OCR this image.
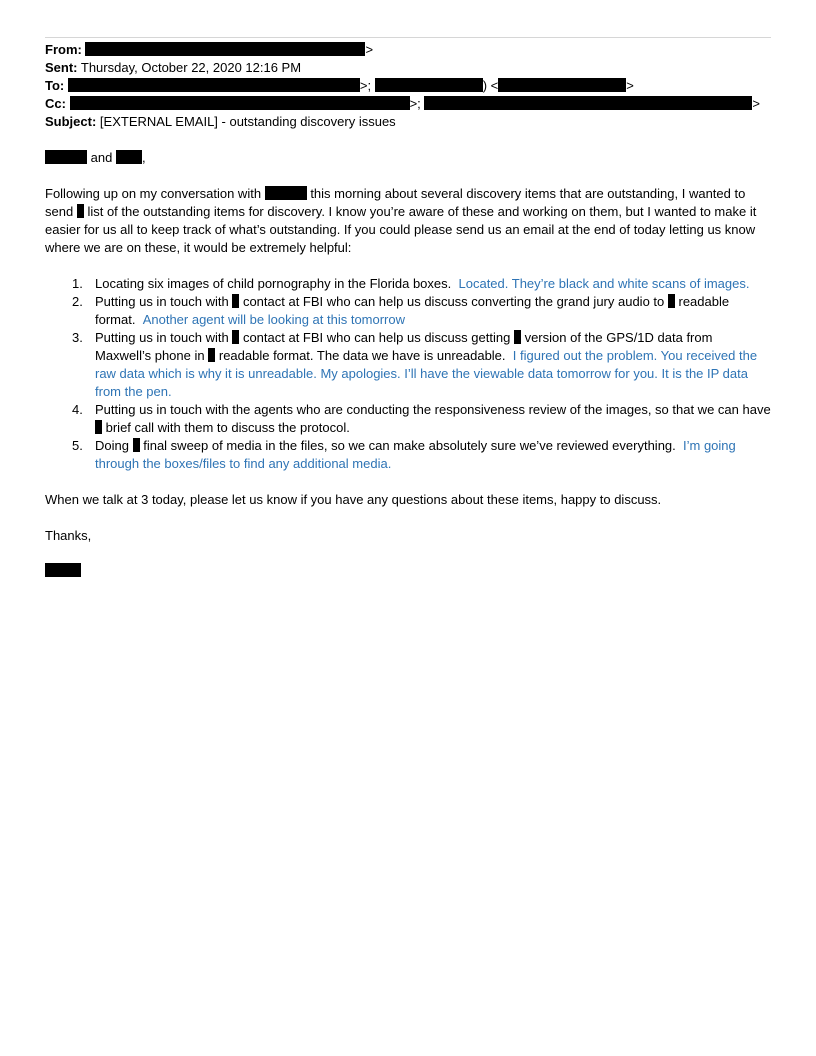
From:	>
Sent: Thursday, October 22, 2020 12:16 PM
To:	>;	) <	>
Cc:	>;	>
Subject: [EXTERNAL EMAIL] - outstanding discovery issues

and ,

Following up on my conversation with	this morning about several discovery items that are outstanding, I wanted to send list of the outstanding items for discovery. I know you’re aware of these and working on them, but I wanted to make it easier for us all to keep track of what’s outstanding. If you could please send us an email at the end of today letting us know where we are on these, it would be extremely helpful:

1. Locating six images of child pornography in the Florida boxes. Located. They’re black and white scans of images.
2. Putting us in touch with contact at FBI who can help us discuss converting the grand jury audio to readable format. Another agent will be looking at this tomorrow
3. Putting us in touch with contact at FBI who can help us discuss getting version of the GPS/1D data from Maxwell’s phone in readable format. The data we have is unreadable. I figured out the problem. You received the raw data which is why it is unreadable. My apologies. I’ll have the viewable data tomorrow for you. It is the IP data from the pen.
4. Putting us in touch with the agents who are conducting the responsiveness review of the images, so that we can have  brief call with them to discuss the protocol.
5. Doing final sweep of media in the files, so we can make absolutely sure we’ve reviewed everything. I’m going through the boxes/files to find any additional media.

When we talk at 3 today, please let us know if you have any questions about these items, happy to discuss.

Thanks,
